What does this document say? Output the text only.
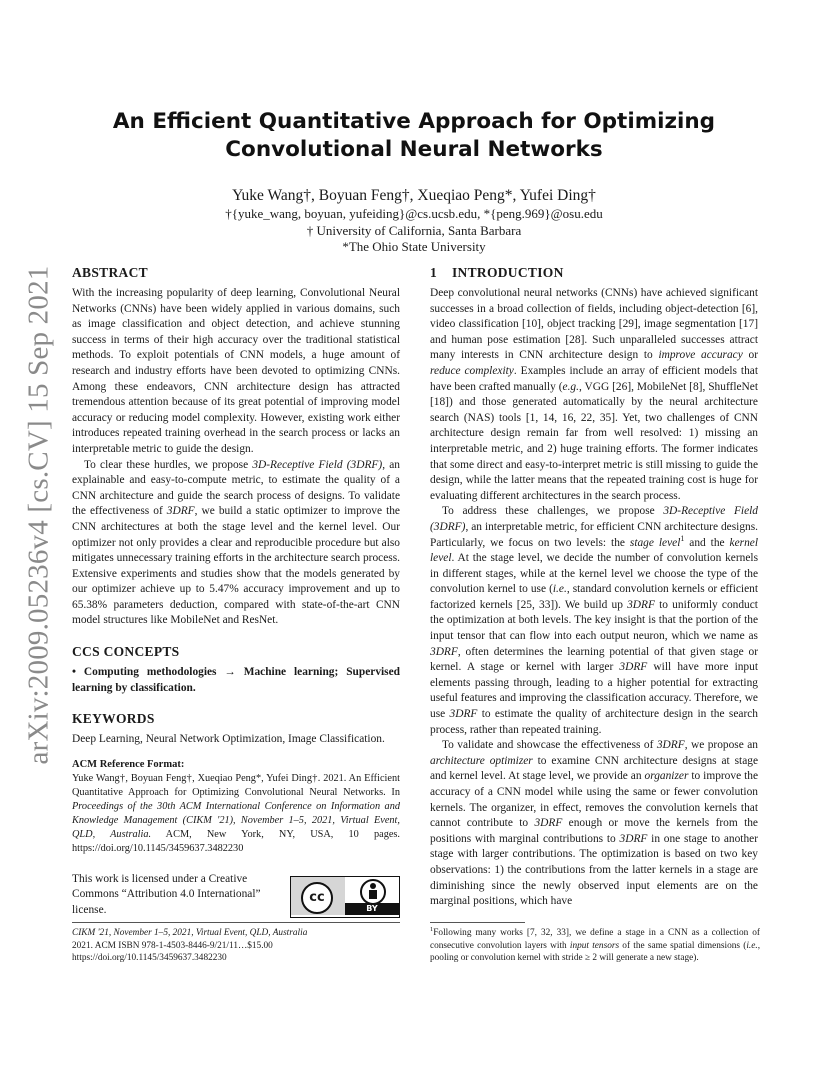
arXiv:2009.05236v4 [cs.CV] 15 Sep 2021
An Efficient Quantitative Approach for Optimizing
Convolutional Neural Networks
Yuke Wang†, Boyuan Feng†, Xueqiao Peng*, Yufei Ding†
†{yuke_wang, boyuan, yufeiding}@cs.ucsb.edu, *{peng.969}@osu.edu
† University of California, Santa Barbara
*The Ohio State University
ABSTRACT

With the increasing popularity of deep learning, Convolutional Neural Networks (CNNs) have been widely applied in various domains, such as image classification and object detection, and achieve stunning success in terms of their high accuracy over the traditional statistical methods. To exploit potentials of CNN models, a huge amount of research and industry efforts have been devoted to optimizing CNNs. Among these endeavors, CNN architecture design has attracted tremendous attention because of its great potential of improving model accuracy or reducing model complexity. However, existing work either introduces repeated training overhead in the search process or lacks an interpretable metric to guide the design.

To clear these hurdles, we propose 3D-Receptive Field (3DRF), an explainable and easy-to-compute metric, to estimate the quality of a CNN architecture and guide the search process of designs. To validate the effectiveness of 3DRF, we build a static optimizer to improve the CNN architectures at both the stage level and the kernel level. Our optimizer not only provides a clear and reproducible procedure but also mitigates unnecessary training efforts in the architecture search process. Extensive experiments and studies show that the models generated by our optimizer achieve up to 5.47% accuracy improvement and up to 65.38% parameters deduction, compared with state-of-the-art CNN model structures like MobileNet and ResNet.

CCS CONCEPTS

• Computing methodologies → Machine learning; Supervised learning by classification.

KEYWORDS

Deep Learning, Neural Network Optimization, Image Classification.

ACM Reference Format:

Yuke Wang†, Boyuan Feng†, Xueqiao Peng*, Yufei Ding†. 2021. An Efficient Quantitative Approach for Optimizing Convolutional Neural Networks. In Proceedings of the 30th ACM International Conference on Information and Knowledge Management (CIKM '21), November 1–5, 2021, Virtual Event, QLD, Australia. ACM, New York, NY, USA, 10 pages. https://doi.org/10.1145/3459637.3482230

This work is licensed under a Creative Commons “Attribution 4.0 International” license.
cc
BY
1 INTRODUCTION

Deep convolutional neural networks (CNNs) have achieved significant successes in a broad collection of fields, including object-detection [6], video classification [10], object tracking [29], image segmentation [17] and human pose estimation [28]. Such unparalleled successes attract many interests in CNN architecture design to improve accuracy or reduce complexity. Examples include an array of efficient models that have been crafted manually (e.g., VGG [26], MobileNet [8], ShuffleNet [18]) and those generated automatically by the neural architecture search (NAS) tools [1, 14, 16, 22, 35]. Yet, two challenges of CNN architecture design remain far from well resolved: 1) missing an interpretable metric, and 2) huge training efforts. The former indicates that some direct and easy-to-interpret metric is still missing to guide the design, while the latter means that the repeated training cost is huge for evaluating different architectures in the search process.

To address these challenges, we propose 3D-Receptive Field (3DRF), an interpretable metric, for efficient CNN architecture designs. Particularly, we focus on two levels: the stage level$^1$ and the kernel level. At the stage level, we decide the number of convolution kernels in different stages, while at the kernel level we choose the type of the convolution kernel to use (i.e., standard convolution kernels or efficient factorized kernels [25, 33]). We build up 3DRF to uniformly conduct the optimization at both levels. The key insight is that the portion of the input tensor that can flow into each output neuron, which we name as 3DRF, often determines the learning potential of that given stage or kernel. A stage or kernel with larger 3DRF will have more input elements passing through, leading to a higher potential for extracting useful features and improving the classification accuracy. Therefore, we use 3DRF to estimate the quality of architecture design in the search process, rather than repeated training.

To validate and showcase the effectiveness of 3DRF, we propose an architecture optimizer to examine CNN architecture designs at stage and kernel level. At stage level, we provide an organizer to improve the accuracy of a CNN model while using the same or fewer convolution kernels. The organizer, in effect, removes the convolution kernels that cannot contribute to 3DRF enough or move the kernels from the positions with marginal contributions to 3DRF in one stage to another stage with larger contributions. The optimization is based on two key observations: 1) the contributions from the latter kernels in a stage are diminishing since the newly observed input elements are on the marginal positions, which have

CIKM '21, November 1–5, 2021, Virtual Event, QLD, Australia
2021. ACM ISBN 978-1-4503-8446-9/21/11…$15.00
https://doi.org/10.1145/3459637.3482230
$^1$Following many works [7, 32, 33], we define a stage in a CNN as a collection of consecutive convolution layers with input tensors of the same spatial dimensions (i.e., pooling or convolution kernel with stride ≥ 2 will generate a new stage).
